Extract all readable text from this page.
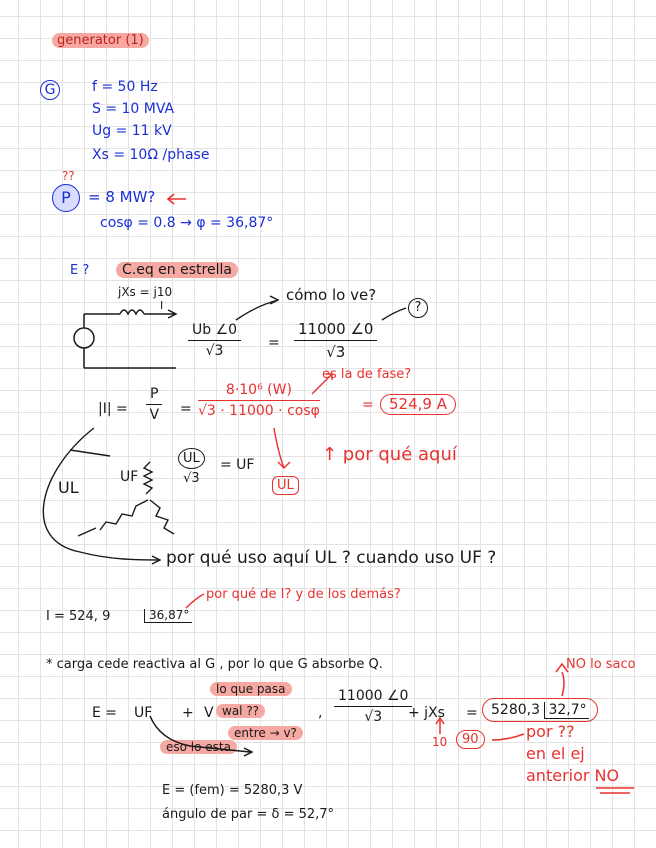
generator (1)
G	f = 50 Hz
S = 10 MVA
Ug = 11 kV
Xs = 10Ω /phase
??
P	= 8 MW?
cosφ = 0.8 → φ = 36,87°
E ?	C.eq en estrella
jXs = j10
I
cómo lo ve?
?
$\frac{Ub \angle 0}{√3} = \frac{11000 \angle 0}{√3}$
$|I| = \frac{P}{V} = \frac{\text{8·10⁶ (W)}}{√3 \cdot 11000 \cdot \cos\varphi}$
es la de fase?
=	524,9 A
$\frac{UL}{√3}$ = UF
UL
↑ por qué aquí
UL
UF
por qué uso aquí UL ? cuando uso UF ?
I = 524, 9	36,87°
por qué de I? y de los demás?
* carga cede reactiva al G , por lo que G absorbe Q.	NO lo saco
E = UF + V
lo que pasa
wal ??
entre → v?
eso lo esta
$\frac{11000 \angle 0}{√3}$
,	+ jXs = 5280,3 32,7°
10	90	por ??
en el ej
anterior NO
E = (fem) = 5280,3 V
ángulo de par = δ = 52,7°
